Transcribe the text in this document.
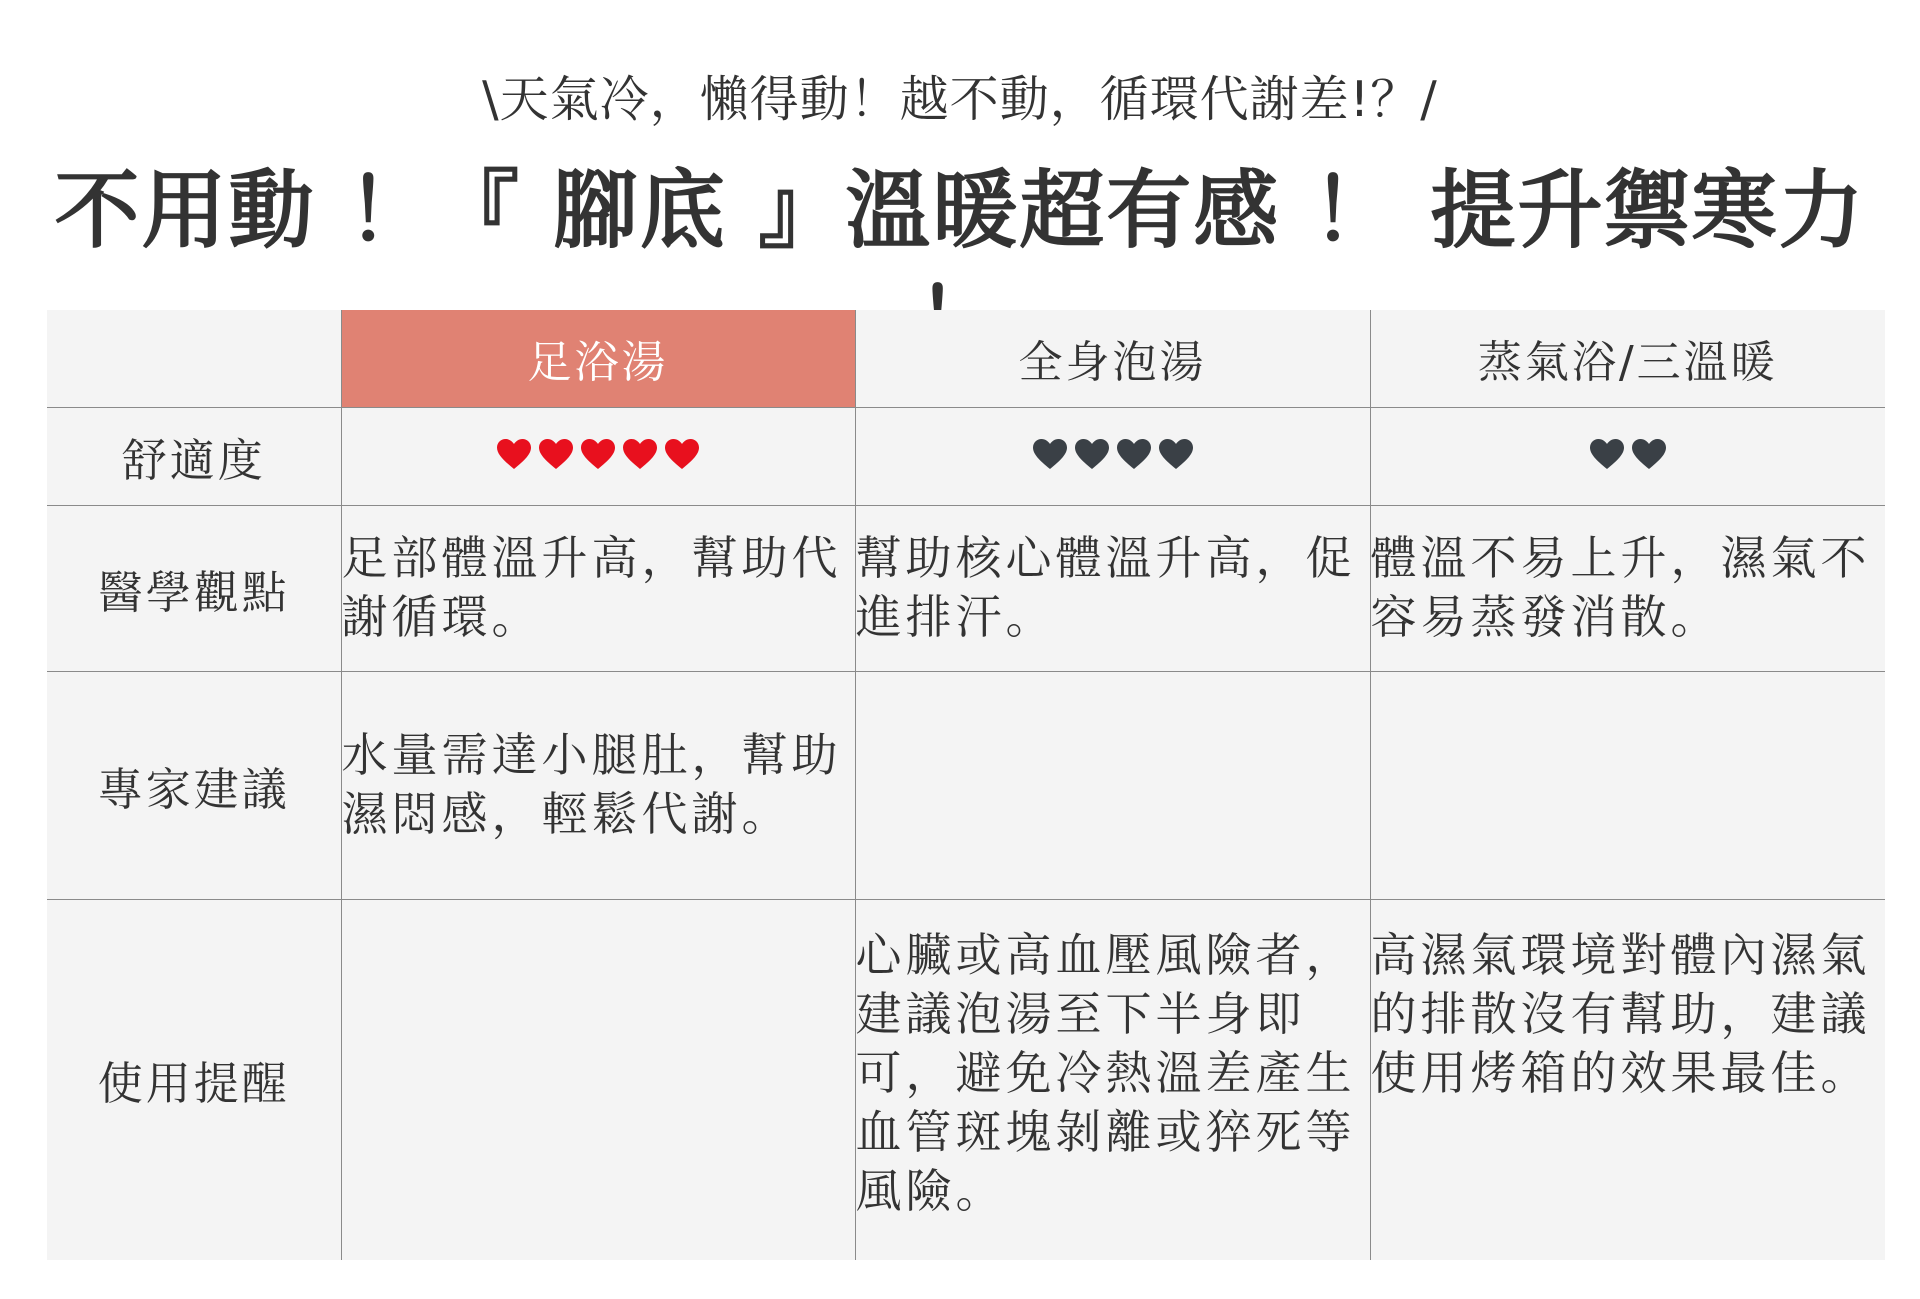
\天氣冷，懶得動！越不動，循環代謝差!？/
不用動 ！『 腳底 』溫暖超有感 ！ 提升禦寒力
	足浴湯	全身泡湯	蒸氣浴/三溫暖
舒適度	

醫學觀點	足部體溫升高，幫助代謝循環。	幫助核心體溫升高，促進排汗。	體溫不易上升，濕氣不容易蒸發消散。
專家建議	水量需達小腿肚，幫助濕悶感，輕鬆代謝。		
使用提醒		心臟或高血壓風險者，建議泡湯至下半身即可，避免冷熱溫差產生血管斑塊剝離或猝死等風險。	高濕氣環境對體內濕氣的排散沒有幫助，建議使用烤箱的效果最佳。
